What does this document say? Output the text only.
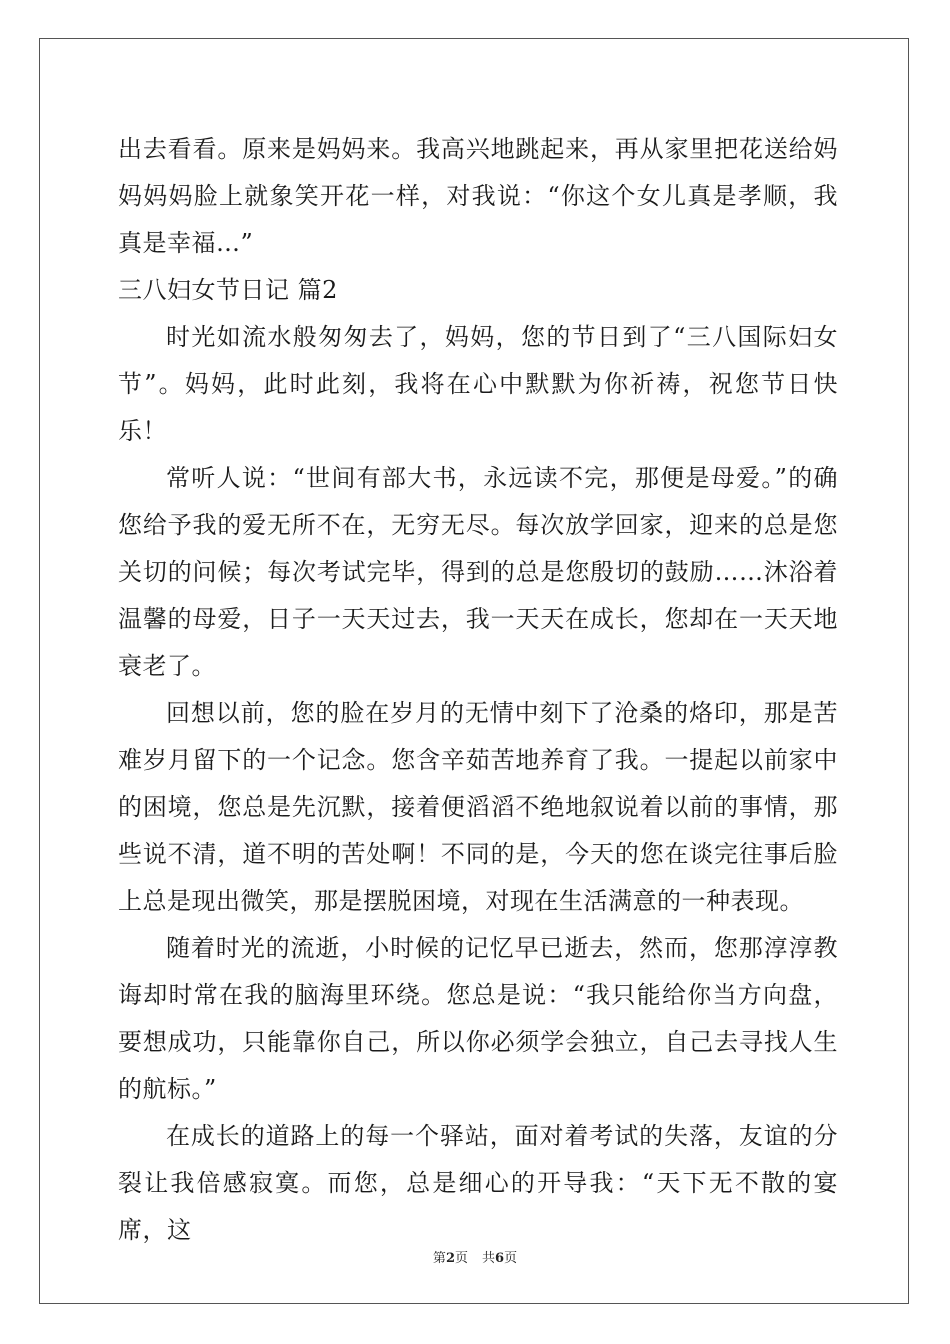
出去看看。原来是妈妈来。我高兴地跳起来，再从家里把花送给妈妈妈妈脸上就象笑开花一样，对我说：“你这个女儿真是孝顺，我真是幸福…”

三八妇女节日记 篇2

时光如流水般匆匆去了，妈妈，您的节日到了“三八国际妇女节”。妈妈，此时此刻，我将在心中默默为你祈祷，祝您节日快乐！

常听人说：“世间有部大书，永远读不完，那便是母爱。”的确您给予我的爱无所不在，无穷无尽。每次放学回家，迎来的总是您关切的问候；每次考试完毕，得到的总是您殷切的鼓励……沐浴着温馨的母爱，日子一天天过去，我一天天在成长，您却在一天天地衰老了。

回想以前，您的脸在岁月的无情中刻下了沧桑的烙印，那是苦难岁月留下的一个记念。您含辛茹苦地养育了我。一提起以前家中的困境，您总是先沉默，接着便滔滔不绝地叙说着以前的事情，那些说不清，道不明的苦处啊！不同的是，今天的您在谈完往事后脸上总是现出微笑，那是摆脱困境，对现在生活满意的一种表现。

随着时光的流逝，小时候的记忆早已逝去，然而，您那淳淳教诲却时常在我的脑海里环绕。您总是说：“我只能给你当方向盘，要想成功，只能靠你自己，所以你必须学会独立，自己去寻找人生的航标。”

在成长的道路上的每一个驿站，面对着考试的失落，友谊的分裂让我倍感寂寞。而您，总是细心的开导我：“天下无不散的宴席，这

第2页 共6页
